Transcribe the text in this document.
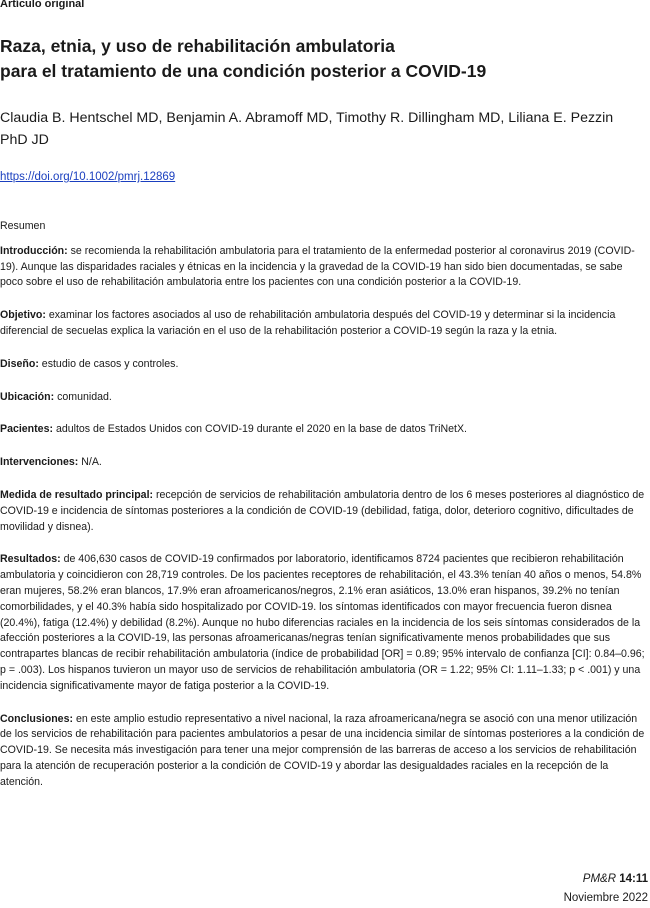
Artículo original
Raza, etnia, y uso de rehabilitación ambulatoria
para el tratamiento de una condición posterior a COVID-19
Claudia B. Hentschel MD, Benjamin A. Abramoff MD, Timothy R. Dillingham MD, Liliana E. Pezzin PhD JD
https://doi.org/10.1002/pmrj.12869

Resumen

Introducción: se recomienda la rehabilitación ambulatoria para el tratamiento de la enfermedad posterior al coronavirus 2019 (COVID-19). Aunque las disparidades raciales y étnicas en la incidencia y la gravedad de la COVID-19 han sido bien documentadas, se sabe poco sobre el uso de rehabilitación ambulatoria entre los pacientes con una condición posterior a la COVID-19.

Objetivo: examinar los factores asociados al uso de rehabilitación ambulatoria después del COVID-19 y determinar si la incidencia diferencial de secuelas explica la variación en el uso de la rehabilitación posterior a COVID-19 según la raza y la etnia.

Diseño: estudio de casos y controles.

Ubicación: comunidad.

Pacientes: adultos de Estados Unidos con COVID-19 durante el 2020 en la base de datos TriNetX.

Intervenciones: N/A.

Medida de resultado principal: recepción de servicios de rehabilitación ambulatoria dentro de los 6 meses posteriores al diagnóstico de COVID-19 e incidencia de síntomas posteriores a la condición de COVID-19 (debilidad, fatiga, dolor, deterioro cognitivo, dificultades de movilidad y disnea).

Resultados: de 406,630 casos de COVID-19 confirmados por laboratorio, identificamos 8724 pacientes que recibieron rehabilitación ambulatoria y coincidieron con 28,719 controles. De los pacientes receptores de rehabilitación, el 43.3% tenían 40 años o menos, 54.8% eran mujeres, 58.2% eran blancos, 17.9% eran afroamericanos/negros, 2.1% eran asiáticos, 13.0% eran hispanos, 39.2% no tenían comorbilidades, y el 40.3% había sido hospitalizado por COVID-19. los síntomas identificados con mayor frecuencia fueron disnea (20.4%), fatiga (12.4%) y debilidad (8.2%). Aunque no hubo diferencias raciales en la incidencia de los seis síntomas considerados de la afección posteriores a la COVID-19, las personas afroamericanas/negras tenían significativamente menos probabilidades que sus contrapartes blancas de recibir rehabilitación ambulatoria (índice de probabilidad [OR] = 0.89; 95% intervalo de confianza [CI]: 0.84–0.96; p = .003). Los hispanos tuvieron un mayor uso de servicios de rehabilitación ambulatoria (OR = 1.22; 95% CI: 1.11–1.33; p < .001) y una incidencia significativamente mayor de fatiga posterior a la COVID-19.

Conclusiones: en este amplio estudio representativo a nivel nacional, la raza afroamericana/negra se asoció con una menor utilización de los servicios de rehabilitación para pacientes ambulatorios a pesar de una incidencia similar de síntomas posteriores a la condición de COVID-19. Se necesita más investigación para tener una mejor comprensión de las barreras de acceso a los servicios de rehabilitación para la atención de recuperación posterior a la condición de COVID-19 y abordar las desigualdades raciales en la recepción de la atención.

PM&R 14:11
Noviembre 2022
